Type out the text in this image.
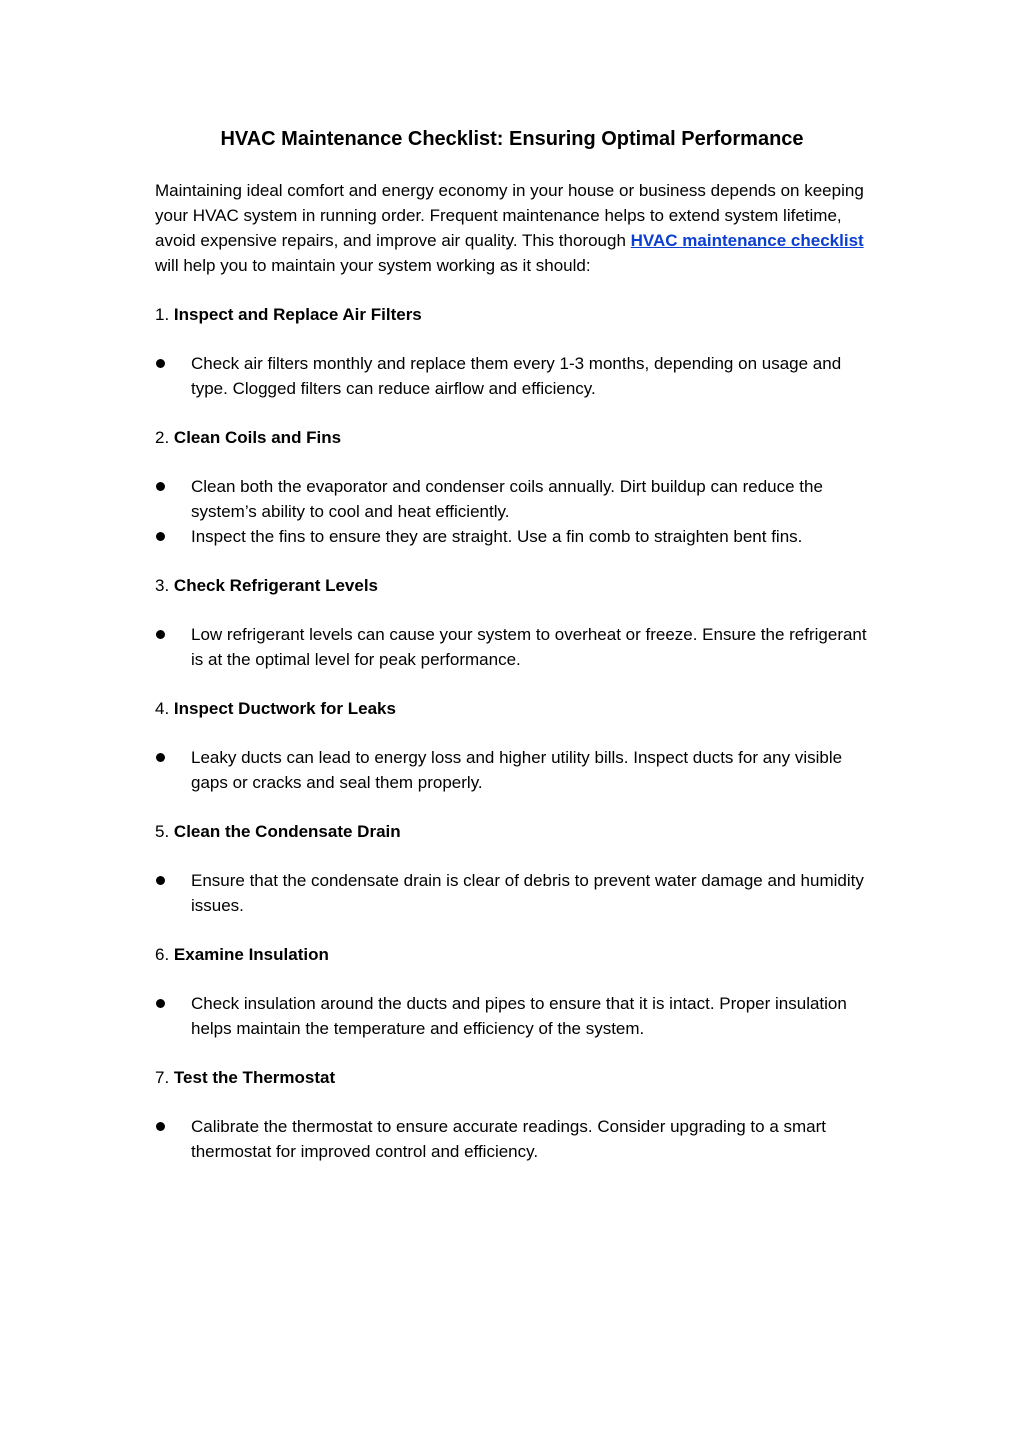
HVAC Maintenance Checklist: Ensuring Optimal Performance

Maintaining ideal comfort and energy economy in your house or business depends on keeping your HVAC system in running order. Frequent maintenance helps to extend system lifetime, avoid expensive repairs, and improve air quality. This thorough HVAC maintenance checklist will help you to maintain your system working as it should:

1. Inspect and Replace Air Filters

Check air filters monthly and replace them every 1-3 months, depending on usage and type. Clogged filters can reduce airflow and efficiency.

2. Clean Coils and Fins

Clean both the evaporator and condenser coils annually. Dirt buildup can reduce the system’s ability to cool and heat efficiently.
Inspect the fins to ensure they are straight. Use a fin comb to straighten bent fins.

3. Check Refrigerant Levels

Low refrigerant levels can cause your system to overheat or freeze. Ensure the refrigerant is at the optimal level for peak performance.

4. Inspect Ductwork for Leaks

Leaky ducts can lead to energy loss and higher utility bills. Inspect ducts for any visible gaps or cracks and seal them properly.

5. Clean the Condensate Drain

Ensure that the condensate drain is clear of debris to prevent water damage and humidity issues.

6. Examine Insulation

Check insulation around the ducts and pipes to ensure that it is intact. Proper insulation helps maintain the temperature and efficiency of the system.

7. Test the Thermostat

Calibrate the thermostat to ensure accurate readings. Consider upgrading to a smart thermostat for improved control and efficiency.
